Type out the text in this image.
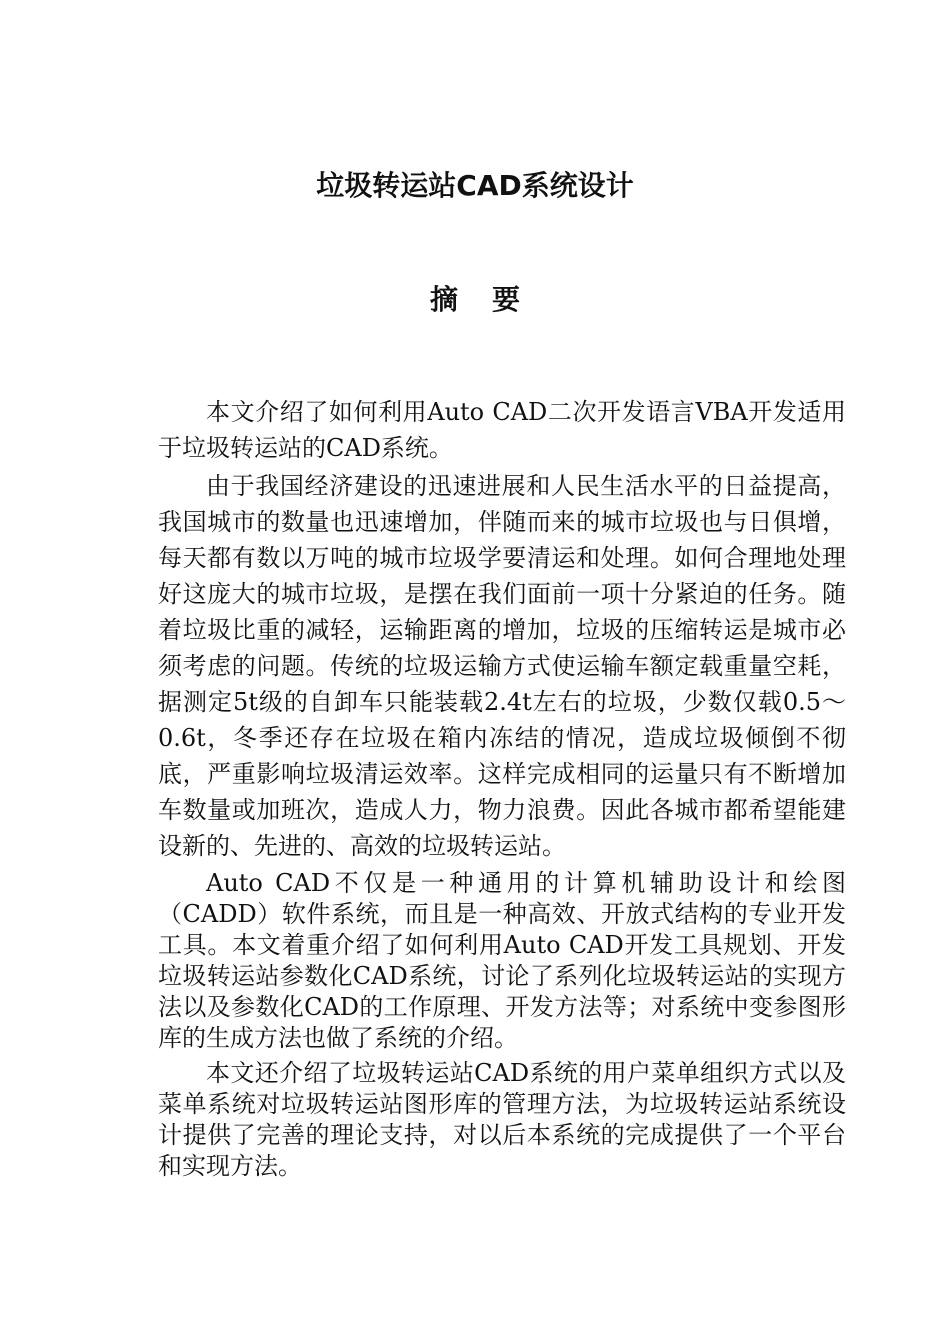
垃圾转运站CAD系统设计
摘 要

本文介绍了如何利用Auto CAD二次开发语言VBA开发适用于垃圾转运站的CAD系统。

由于我国经济建设的迅速进展和人民生活水平的日益提高，我国城市的数量也迅速增加，伴随而来的城市垃圾也与日俱增，每天都有数以万吨的城市垃圾学要清运和处理。如何合理地处理好这庞大的城市垃圾，是摆在我们面前一项十分紧迫的任务。随着垃圾比重的减轻，运输距离的增加，垃圾的压缩转运是城市必须考虑的问题。传统的垃圾运输方式使运输车额定载重量空耗，据测定5t级的自卸车只能装载2.4t左右的垃圾，少数仅载0.5～0.6t，冬季还存在垃圾在箱内冻结的情况，造成垃圾倾倒不彻底，严重影响垃圾清运效率。这样完成相同的运量只有不断增加车数量或加班次，造成人力，物力浪费。因此各城市都希望能建设新的、先进的、高效的垃圾转运站。

Auto CAD不仅是一种通用的计算机辅助设计和绘图（CADD）软件系统，而且是一种高效、开放式结构的专业开发工具。本文着重介绍了如何利用Auto CAD开发工具规划、开发垃圾转运站参数化CAD系统，讨论了系列化垃圾转运站的实现方法以及参数化CAD的工作原理、开发方法等；对系统中变参图形库的生成方法也做了系统的介绍。

本文还介绍了垃圾转运站CAD系统的用户菜单组织方式以及菜单系统对垃圾转运站图形库的管理方法，为垃圾转运站系统设计提供了完善的理论支持，对以后本系统的完成提供了一个平台和实现方法。
